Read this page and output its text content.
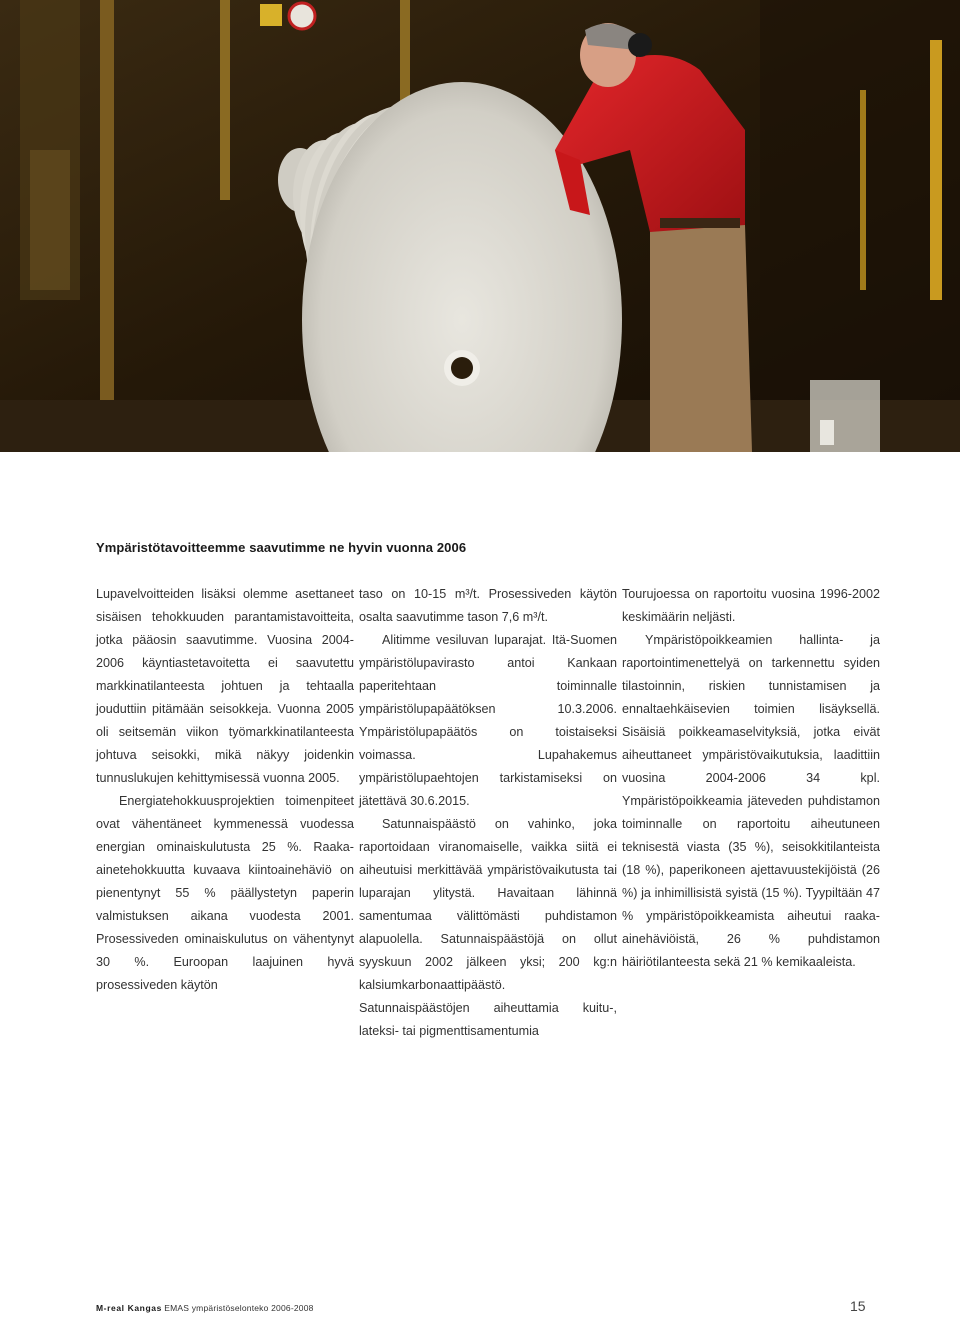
Ympäristötavoitteemme saavutimme ne hyvin vuonna 2006

Lupavelvoitteiden lisäksi olemme asettaneet sisäisen tehokkuuden parantamistavoitteita, jotka pääosin saavutimme. Vuosina 2004-2006 käyntiastetavoitetta ei saavutettu markkinatilanteesta johtuen ja tehtaalla jouduttiin pitämään seisokkeja. Vuonna 2005 oli seitsemän viikon työmarkkinatilanteesta johtuva seisokki, mikä näkyy joidenkin tunnuslukujen kehittymisessä vuonna 2005.

Energiatehokkuusprojektien toimenpiteet ovat vähentäneet kymmenessä vuodessa energian ominaiskulutusta 25 %. Raaka-ainetehokkuutta kuvaava kiintoainehäviö on pienentynyt 55 % päällystetyn paperin valmistuksen aikana vuodesta 2001. Prosessiveden ominaiskulutus on vähentynyt 30 %. Euroopan laajuinen hyvä prosessiveden käytön

taso on 10-15 m³/t. Prosessiveden käytön osalta saavutimme tason 7,6 m³/t.

Alitimme vesiluvan luparajat. Itä-Suomen ympäristölupavirasto antoi Kankaan paperitehtaan toiminnalle ympäristölupapäätöksen 10.3.2006. Ympäristölupapäätös on toistaiseksi voimassa. Lupahakemus ympäristölupaehtojen tarkistamiseksi on jätettävä 30.6.2015.

Satunnaispäästö on vahinko, joka raportoidaan viranomaiselle, vaikka siitä ei aiheutuisi merkittävää ympäristövaikutusta tai luparajan ylitystä. Havaitaan lähinnä samentumaa välittömästi puhdistamon alapuolella. Satunnaispäästöjä on ollut syyskuun 2002 jälkeen yksi; 200 kg:n kalsiumkarbonaattipäästö. Satunnaispäästöjen aiheuttamia kuitu-, lateksi- tai pigmenttisamentumia

Tourujoessa on raportoitu vuosina 1996-2002 keskimäärin neljästi.

Ympäristöpoikkeamien hallinta- ja raportointimenettelyä on tarkennettu syiden tilastoinnin, riskien tunnistamisen ja ennaltaehkäisevien toimien lisäyksellä. Sisäisiä poikkeamaselvityksiä, jotka eivät aiheuttaneet ympäristövaikutuksia, laadittiin vuosina 2004-2006 34 kpl. Ympäristöpoikkeamia jäteveden puhdistamon toiminnalle on raportoitu aiheutuneen teknisestä viasta (35 %), seisokkitilanteista (18 %), paperikoneen ajettavuustekijöistä (26 %) ja inhimillisistä syistä (15 %). Tyypiltään 47 % ympäristöpoikkeamista aiheutui raaka-ainehäviöistä, 26 % puhdistamon häiriötilanteesta sekä 21 % kemikaaleista.

M-real Kangas EMAS ympäristöselonteko 2006-2008	15
